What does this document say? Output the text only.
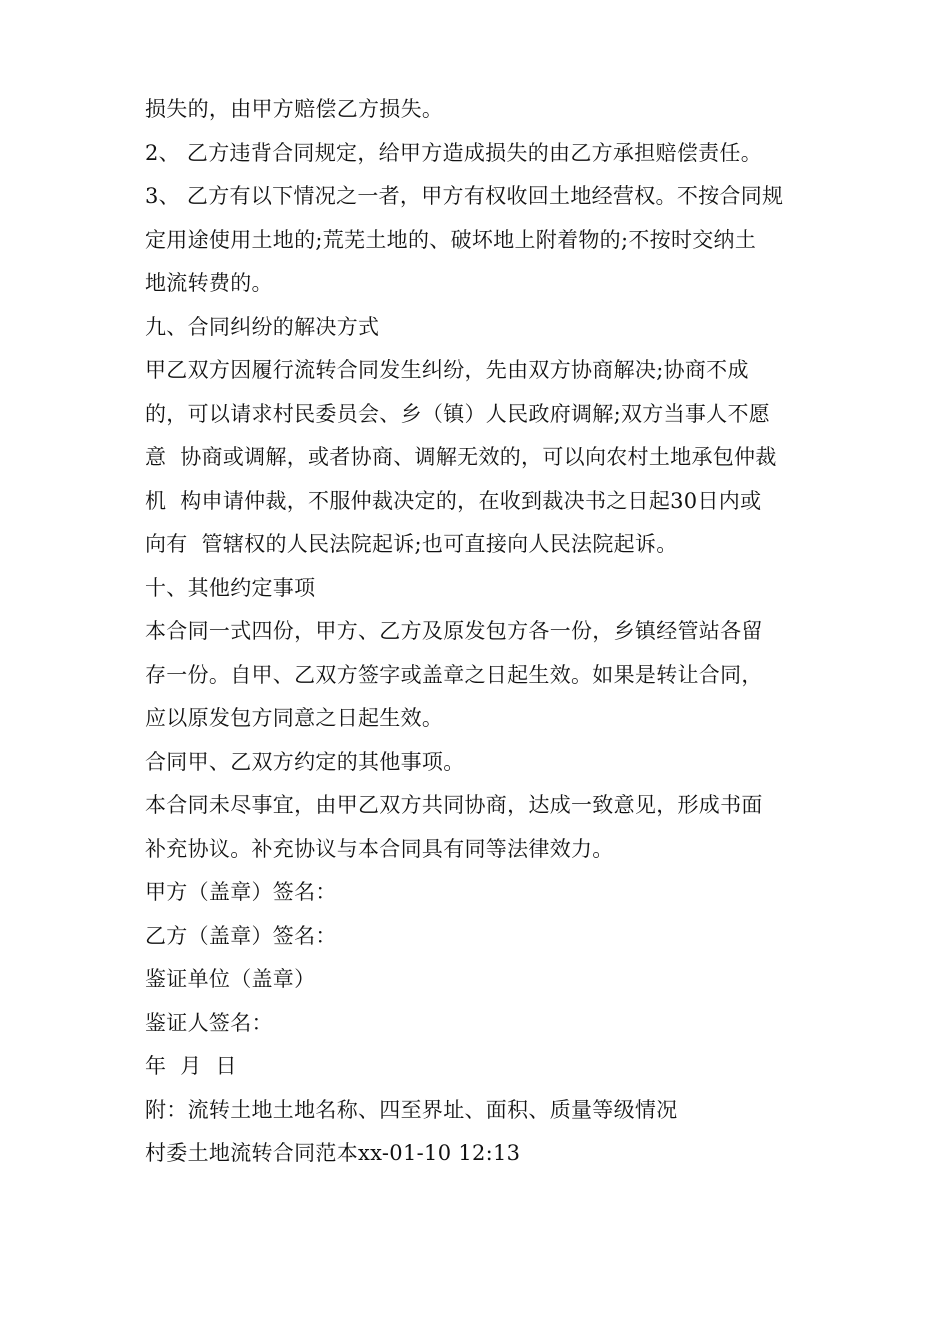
损失的，由甲方赔偿乙方损失。

2、 乙方违背合同规定，给甲方造成损失的由乙方承担赔偿责任。

3、 乙方有以下情况之一者，甲方有权收回土地经营权。不按合同规

定用途使用土地的;荒芜土地的、破坏地上附着物的;不按时交纳土

地流转费的。

九、合同纠纷的解决方式

甲乙双方因履行流转合同发生纠纷，先由双方协商解决;协商不成

的，可以请求村民委员会、乡（镇）人民政府调解;双方当事人不愿

意  协商或调解，或者协商、调解无效的，可以向农村土地承包仲裁

机  构申请仲裁，不服仲裁决定的，在收到裁决书之日起30日内或

向有  管辖权的人民法院起诉;也可直接向人民法院起诉。

十、其他约定事项

本合同一式四份，甲方、乙方及原发包方各一份，乡镇经管站各留

存一份。自甲、乙双方签字或盖章之日起生效。如果是转让合同，

应以原发包方同意之日起生效。

合同甲、乙双方约定的其他事项。

本合同未尽事宜，由甲乙双方共同协商，达成一致意见，形成书面

补充协议。补充协议与本合同具有同等法律效力。

甲方（盖章）签名：

乙方（盖章）签名：

鉴证单位（盖章）

鉴证人签名：

年  月  日

附：流转土地土地名称、四至界址、面积、质量等级情况

村委土地流转合同范本xx-01-10 12:13
